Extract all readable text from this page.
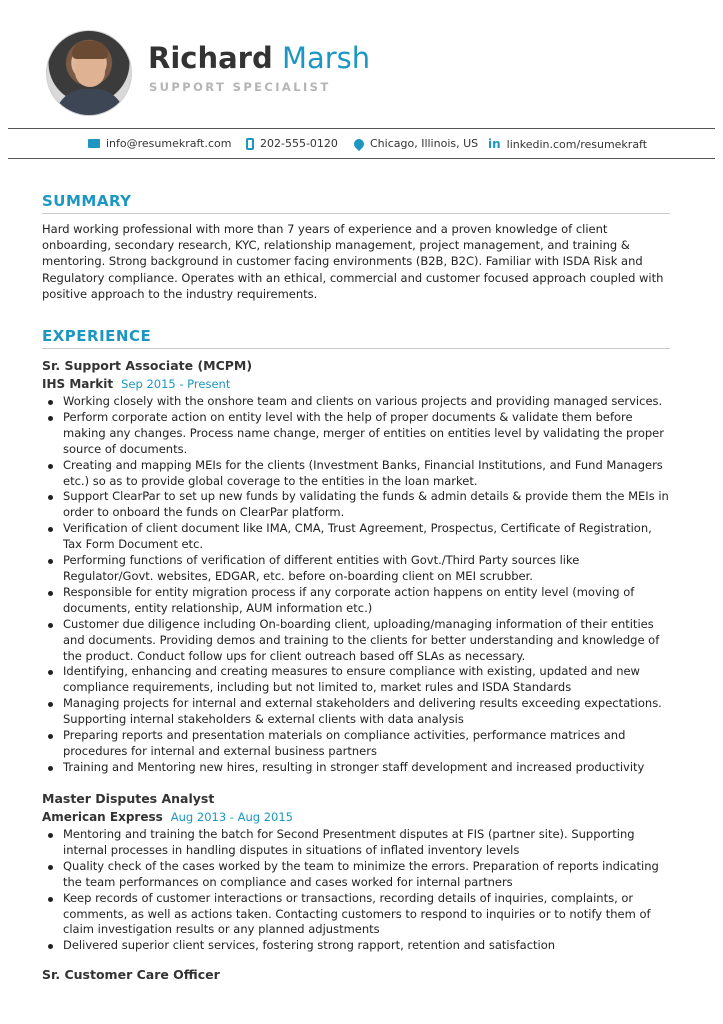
Richard Marsh
SUPPORT SPECIALIST
info@resumekraft.com	202-555-0120	Chicago, Illinois, US in linkedin.com/resumekraft
SUMMARY
Hard working professional with more than 7 years of experience and a proven knowledge of client onboarding, secondary research, KYC, relationship management, project management, and training & mentoring. Strong background in customer facing environments (B2B, B2C). Familiar with ISDA Risk and Regulatory compliance. Operates with an ethical, commercial and customer focused approach coupled with positive approach to the industry requirements.
EXPERIENCE
Sr. Support Associate (MCPM)
IHS Markit Sep 2015 - Present
Working closely with the onshore team and clients on various projects and providing managed services.
Perform corporate action on entity level with the help of proper documents & validate them before making any changes. Process name change, merger of entities on entities level by validating the proper source of documents.
Creating and mapping MEIs for the clients (Investment Banks, Financial Institutions, and Fund Managers etc.) so as to provide global coverage to the entities in the loan market.
Support ClearPar to set up new funds by validating the funds & admin details & provide them the MEIs in order to onboard the funds on ClearPar platform.
Verification of client document like IMA, CMA, Trust Agreement, Prospectus, Certificate of Registration, Tax Form Document etc.
Performing functions of verification of different entities with Govt./Third Party sources like Regulator/Govt. websites, EDGAR, etc. before on-boarding client on MEI scrubber.
Responsible for entity migration process if any corporate action happens on entity level (moving of documents, entity relationship, AUM information etc.)
Customer due diligence including On-boarding client, uploading/managing information of their entities and documents. Providing demos and training to the clients for better understanding and knowledge of the product. Conduct follow ups for client outreach based off SLAs as necessary.
Identifying, enhancing and creating measures to ensure compliance with existing, updated and new compliance requirements, including but not limited to, market rules and ISDA Standards
Managing projects for internal and external stakeholders and delivering results exceeding expectations. Supporting internal stakeholders & external clients with data analysis
Preparing reports and presentation materials on compliance activities, performance matrices and procedures for internal and external business partners
Training and Mentoring new hires, resulting in stronger staff development and increased productivity
Master Disputes Analyst
American Express Aug 2013 - Aug 2015
Mentoring and training the batch for Second Presentment disputes at FIS (partner site). Supporting internal processes in handling disputes in situations of inflated inventory levels
Quality check of the cases worked by the team to minimize the errors. Preparation of reports indicating the team performances on compliance and cases worked for internal partners
Keep records of customer interactions or transactions, recording details of inquiries, complaints, or comments, as well as actions taken. Contacting customers to respond to inquiries or to notify them of claim investigation results or any planned adjustments
Delivered superior client services, fostering strong rapport, retention and satisfaction
Sr. Customer Care Officer
